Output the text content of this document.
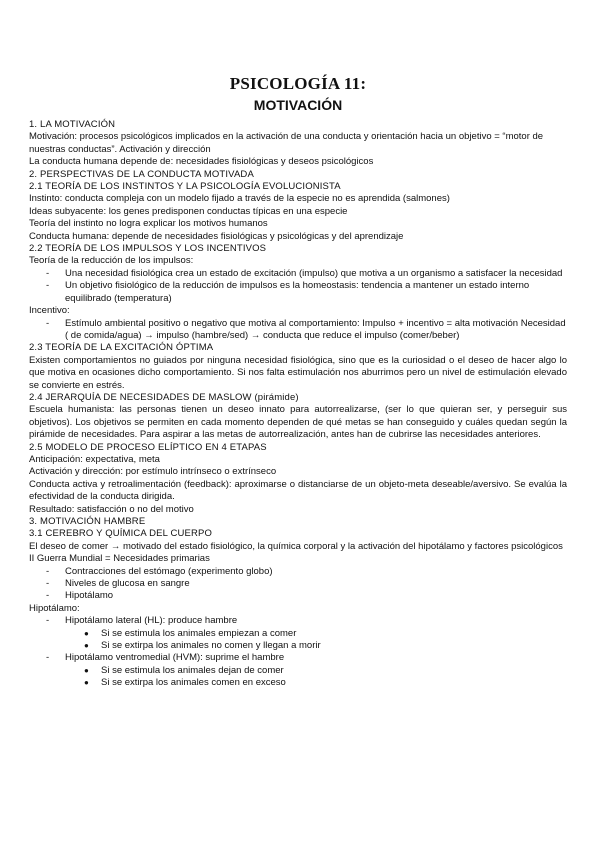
PSICOLOGÍA 11:
MOTIVACIÓN
1. LA MOTIVACIÓN
Motivación: procesos psicológicos implicados en la activación de una conducta y orientación hacia un objetivo = “motor de nuestras conductas”. Activación y dirección
La conducta humana depende de: necesidades fisiológicas y deseos psicológicos
2. PERSPECTIVAS DE LA CONDUCTA MOTIVADA
2.1 TEORÍA DE LOS INSTINTOS Y LA PSICOLOGÍA EVOLUCIONISTA
Instinto: conducta compleja con un modelo fijado a través de la especie no es aprendida (salmones)
Ideas subyacente: los genes predisponen conductas típicas en una especie
Teoría del instinto no logra explicar los motivos humanos
Conducta humana: depende de necesidades fisiológicas y psicológicas y del aprendizaje
2.2 TEORÍA DE LOS IMPULSOS Y LOS INCENTIVOS
Teoría de la reducción de los impulsos:
- Una necesidad fisiológica crea un estado de excitación (impulso) que motiva a un organismo a satisfacer la necesidad
- Un objetivo fisiológico de la reducción de impulsos es la homeostasis: tendencia a mantener un estado interno equilibrado (temperatura)
Incentivo:
- Estímulo ambiental positivo o negativo que motiva al comportamiento: Impulso + incentivo = alta motivación Necesidad ( de comida/agua) → impulso (hambre/sed) → conducta que reduce el impulso (comer/beber)
2.3 TEORÍA DE LA EXCITACIÓN ÓPTIMA
Existen comportamientos no guiados por ninguna necesidad fisiológica, sino que es la curiosidad o el deseo de hacer algo lo que motiva en ocasiones dicho comportamiento. Si nos falta estimulación nos aburrimos pero un nivel de estimulación elevado se convierte en estrés.
2.4 JERARQUÍA DE NECESIDADES DE MASLOW (pirámide)
Escuela humanista: las personas tienen un deseo innato para autorrealizarse, (ser lo que quieran ser, y perseguir sus objetivos). Los objetivos se permiten en cada momento dependen de qué metas se han conseguido y cuáles quedan según la pirámide de necesidades. Para aspirar a las metas de autorrealización, antes han de cubrirse las necesidades anteriores.
2.5 MODELO DE PROCESO ELÍPTICO EN 4 ETAPAS
Anticipación: expectativa, meta
Activación y dirección: por estímulo intrínseco o extrínseco
Conducta activa y retroalimentación (feedback): aproximarse o distanciarse de un objeto-meta deseable/aversivo. Se evalúa la efectividad de la conducta dirigida.
Resultado: satisfacción o no del motivo
3. MOTIVACIÓN HAMBRE
3.1 CEREBRO Y QUÍMICA DEL CUERPO
El deseo de comer → motivado del estado fisiológico, la química corporal y la activación del hipotálamo y factores psicológicos
II Guerra Mundial = Necesidades primarias
- Contracciones del estómago (experimento globo)
- Niveles de glucosa en sangre
- Hipotálamo
Hipotálamo:
- Hipotálamo lateral (HL): produce hambre
● Si se estimula los animales empiezan a comer
● Si se extirpa los animales no comen y llegan a morir
- Hipotálamo ventromedial (HVM): suprime el hambre
● Si se estimula los animales dejan de comer
● Si se extirpa los animales comen en exceso
